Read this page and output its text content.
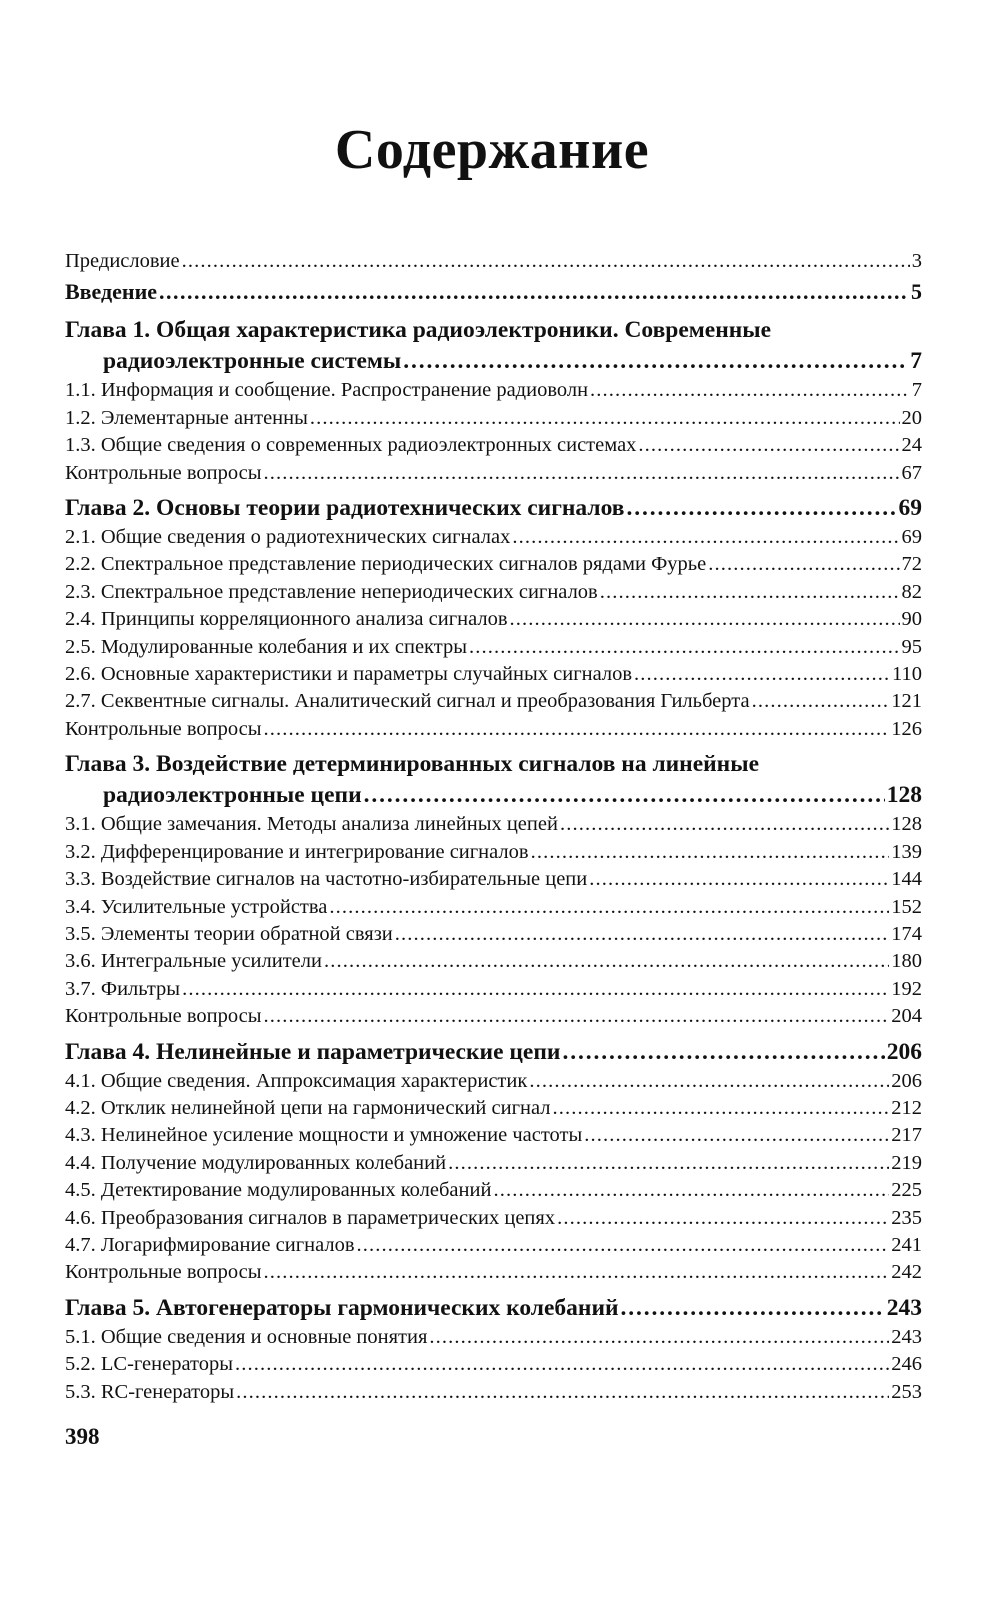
Содержание
Предисловие . . .	3
Введение . . .	5
Глава 1. Общая характеристика радиоэлектроники. Современные
радиоэлектронные системы . . .	7
1.1. Информация и сообщение. Распространение радиоволн . . .	7
1.2. Элементарные антенны . . .	20
1.3. Общие сведения о современных радиоэлектронных системах . . .	24
Контрольные вопросы . . .	67
Глава 2. Основы теории радиотехнических сигналов . . .	69
2.1. Общие сведения о радиотехнических сигналах . . .	69
2.2. Спектральное представление периодических сигналов рядами Фурье . . .	72
2.3. Спектральное представление непериодических сигналов . . .	82
2.4. Принципы корреляционного анализа сигналов . . .	90
2.5. Модулированные колебания и их спектры . . .	95
2.6. Основные характеристики и параметры случайных сигналов . . .	110
2.7. Секвентные сигналы. Аналитический сигнал и преобразования Гильберта . . .	121
Контрольные вопросы . . .	126
Глава 3. Воздействие детерминированных сигналов на линейные
радиоэлектронные цепи . . .	128
3.1. Общие замечания. Методы анализа линейных цепей . . .	128
3.2. Дифференцирование и интегрирование сигналов . . .	139
3.3. Воздействие сигналов на частотно-избирательные цепи . . .	144
3.4. Усилительные устройства . . .	152
3.5. Элементы теории обратной связи . . .	174
3.6. Интегральные усилители . . .	180
3.7. Фильтры . . .	192
Контрольные вопросы . . .	204
Глава 4. Нелинейные и параметрические цепи . . .	206
4.1. Общие сведения. Аппроксимация характеристик . . .	206
4.2. Отклик нелинейной цепи на гармонический сигнал . . .	212
4.3. Нелинейное усиление мощности и умножение частоты . . .	217
4.4. Получение модулированных колебаний . . .	219
4.5. Детектирование модулированных колебаний . . .	225
4.6. Преобразования сигналов в параметрических цепях . . .	235
4.7. Логарифмирование сигналов . . .	241
Контрольные вопросы . . .	242
Глава 5. Автогенераторы гармонических колебаний . . .	243
5.1. Общие сведения и основные понятия . . .	243
5.2. LC-генераторы . . .	246
5.3. RC-генераторы . . .	253
398
